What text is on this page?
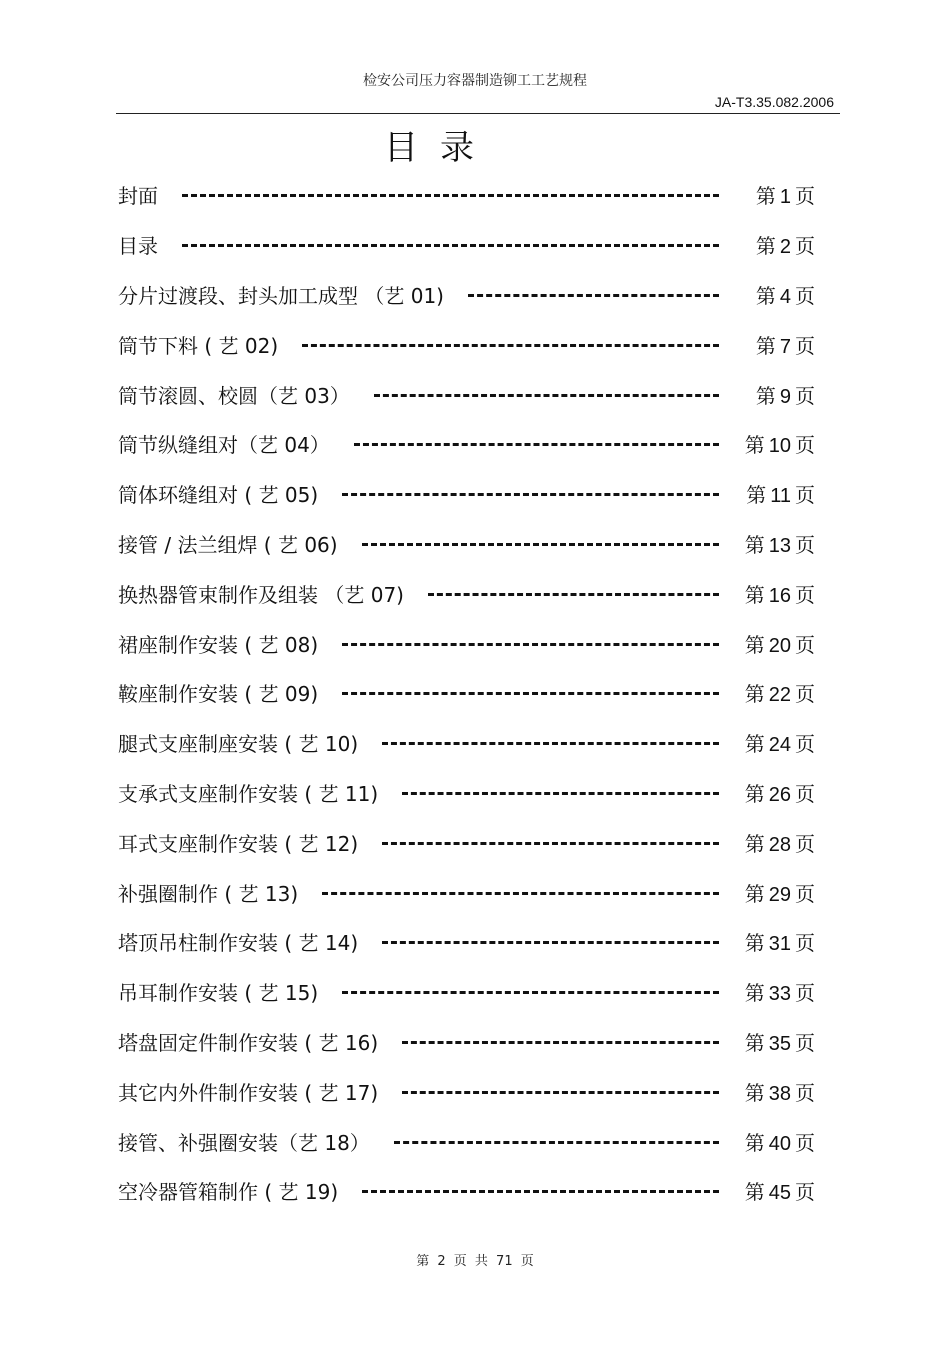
检安公司压力容器制造铆工工艺规程
JA-T3.35.082.2006
目录
封面	第 1 页
目录	第 2 页
分片过渡段、封头加工成型 （艺 01)	第 4 页
筒节下料 ( 艺 02)	第 7 页
筒节滚圆、校圆（艺 03）	第 9 页
筒节纵缝组对（艺 04）	第 10 页
筒体环缝组对 ( 艺 05)	第 11 页
接管 / 法兰组焊 ( 艺 06)	第 13 页
换热器管束制作及组装 （艺 07)	第 16 页
裙座制作安装 ( 艺 08)	第 20 页
鞍座制作安装 ( 艺 09)	第 22 页
腿式支座制座安装 ( 艺 10)	第 24 页
支承式支座制作安装 ( 艺 11)	第 26 页
耳式支座制作安装 ( 艺 12)	第 28 页
补强圈制作 ( 艺 13)	第 29 页
塔顶吊柱制作安装 ( 艺 14)	第 31 页
吊耳制作安装 ( 艺 15)	第 33 页
塔盘固定件制作安装 ( 艺 16)	第 35 页
其它内外件制作安装 ( 艺 17)	第 38 页
接管、补强圈安装（艺 18）	第 40 页
空冷器管箱制作 ( 艺 19)	第 45 页
第 2 页 共 71 页
